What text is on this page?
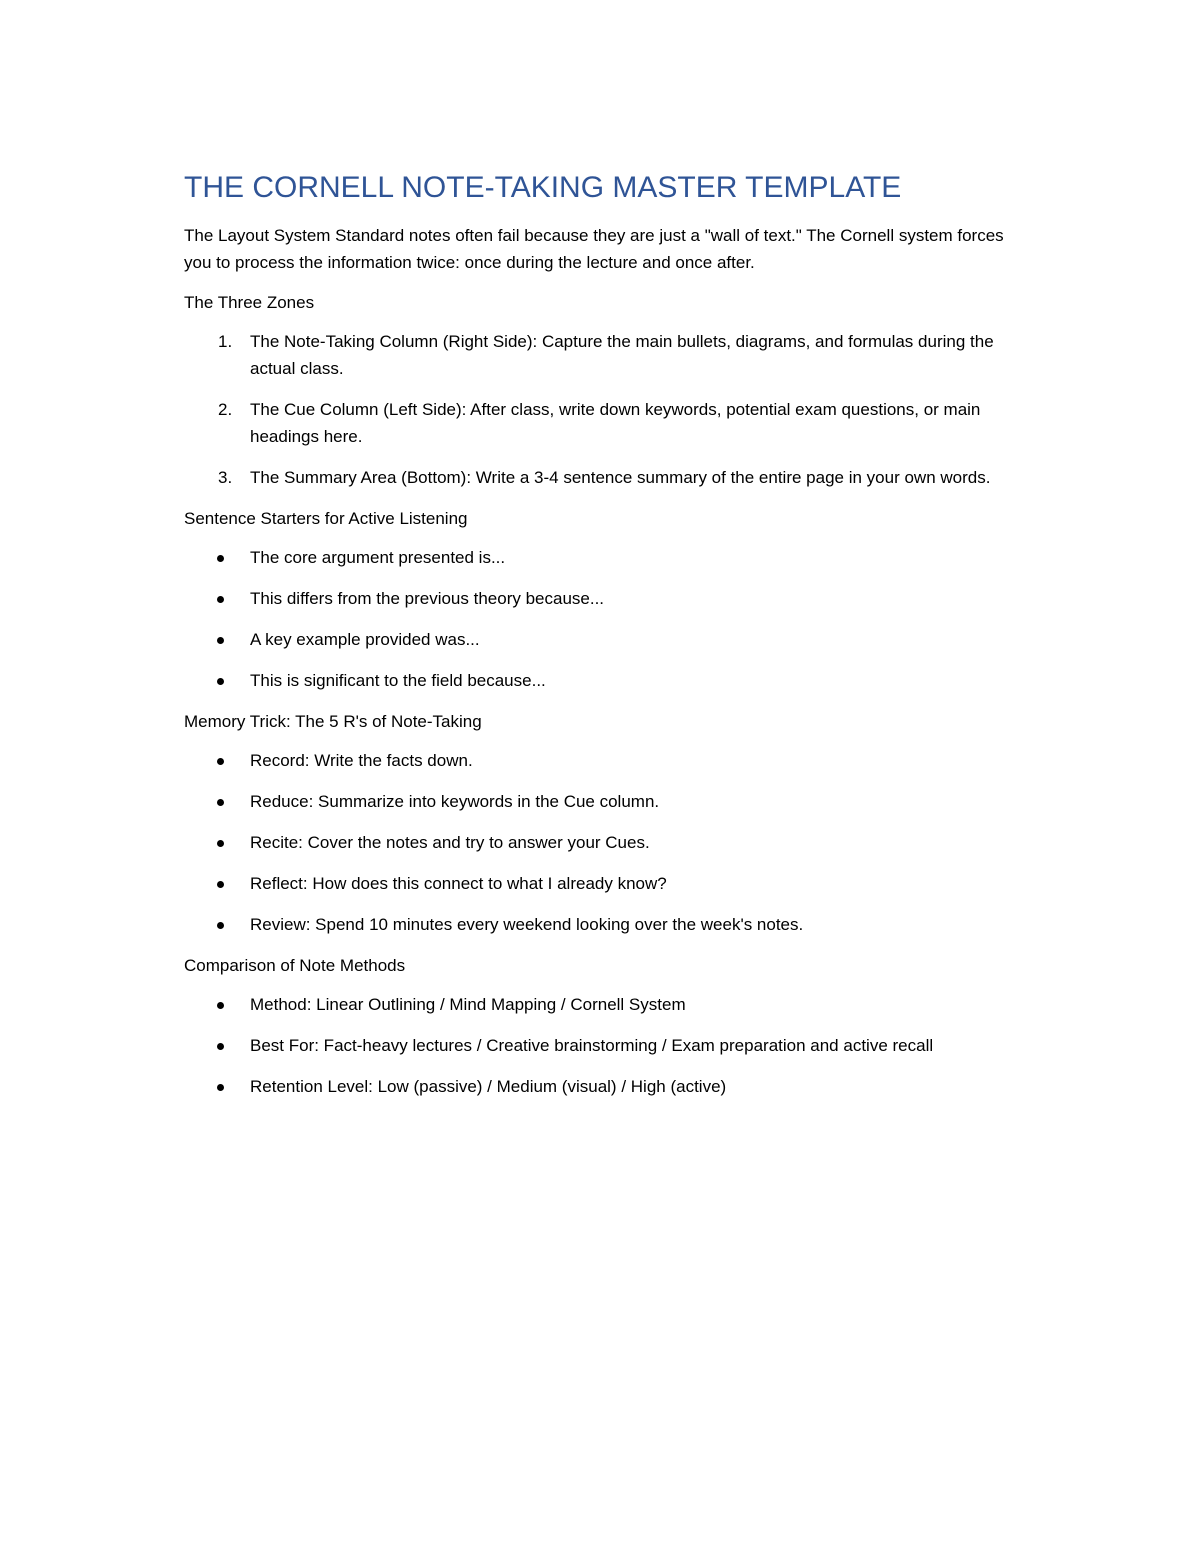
THE CORNELL NOTE-TAKING MASTER TEMPLATE

The Layout System Standard notes often fail because they are just a "wall of text." The Cornell system forces you to process the information twice: once during the lecture and once after.

The Three Zones

1. The Note-Taking Column (Right Side): Capture the main bullets, diagrams, and formulas during the actual class.
2. The Cue Column (Left Side): After class, write down keywords, potential exam questions, or main headings here.
3. The Summary Area (Bottom): Write a 3-4 sentence summary of the entire page in your own words.

Sentence Starters for Active Listening

The core argument presented is...
This differs from the previous theory because...
A key example provided was...
This is significant to the field because...

Memory Trick: The 5 R's of Note-Taking

Record: Write the facts down.
Reduce: Summarize into keywords in the Cue column.
Recite: Cover the notes and try to answer your Cues.
Reflect: How does this connect to what I already know?
Review: Spend 10 minutes every weekend looking over the week's notes.

Comparison of Note Methods

Method: Linear Outlining / Mind Mapping / Cornell System
Best For: Fact-heavy lectures / Creative brainstorming / Exam preparation and active recall
Retention Level: Low (passive) / Medium (visual) / High (active)
